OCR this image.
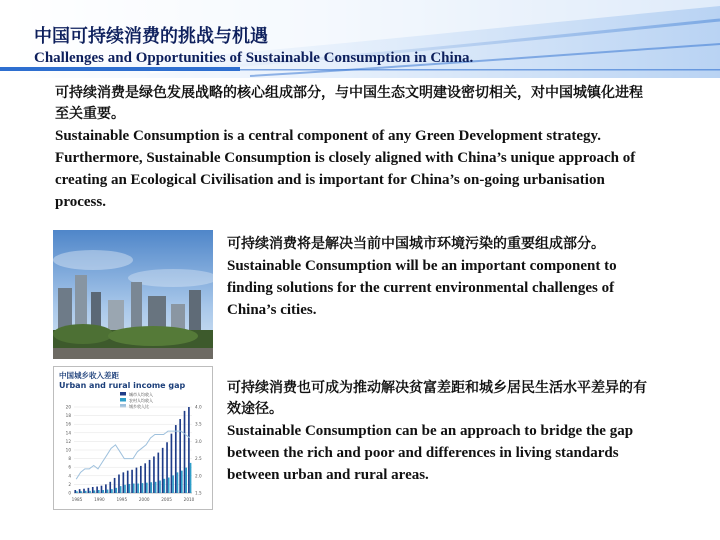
中国可持续消费的挑战与机遇
Challenges and Opportunities of Sustainable Consumption in China.
可持续消费是绿色发展战略的核心组成部分，与中国生态文明建设密切相关，对中国城镇化进程至关重要。
Sustainable Consumption is a central component of any Green Development strategy. Furthermore, Sustainable Consumption is closely aligned with China’s unique approach of creating an Ecological Civilisation and is important for China’s on-going urbanisation process.
可持续消费将是解决当前中国城市环境污染的重要组成部分。
Sustainable Consumption will be an important component to finding solutions for the current environmental challenges of China’s cities.
中国城乡收入差距
Urban and rural income gap
城市人均收入
农村人均收入
城乡收入比
20
18
16
14
12
10
8
6
4
2
0
4.0
3.5
3.0
2.5
2.0
1.5
1985	1990	1995	2000	2005	2010
可持续消费也可成为推动解决贫富差距和城乡居民生活水平差异的有效途径。
Sustainable Consumption can be an approach to bridge the gap between the rich and poor and differences in living standards between urban and rural areas.
